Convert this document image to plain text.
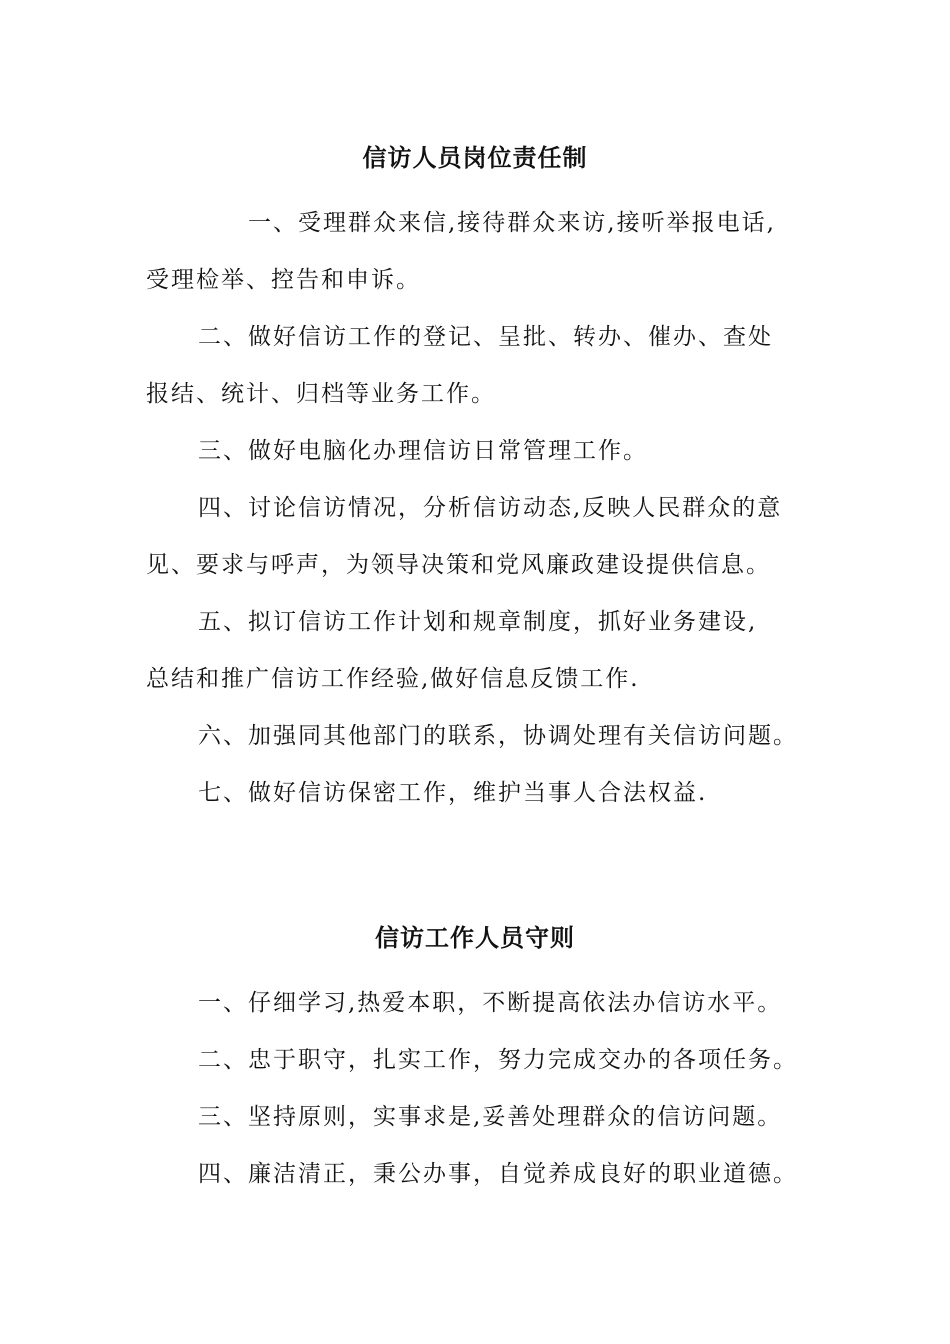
信访人员岗位责任制
一、受理群众来信,接待群众来访,接听举报电话,
受理检举、控告和申诉。
二、做好信访工作的登记、呈批、转办、催办、查处
报结、统计、归档等业务工作。
三、做好电脑化办理信访日常管理工作。
四、讨论信访情况，分析信访动态,反映人民群众的意
见、要求与呼声，为领导决策和党风廉政建设提供信息。
五、拟订信访工作计划和规章制度，抓好业务建设,
总结和推广信访工作经验,做好信息反馈工作.
六、加强同其他部门的联系，协调处理有关信访问题。
七、做好信访保密工作，维护当事人合法权益.
信访工作人员守则
一、仔细学习,热爱本职，不断提高依法办信访水平。
二、忠于职守，扎实工作，努力完成交办的各项任务。
三、坚持原则，实事求是,妥善处理群众的信访问题。
四、廉洁清正，秉公办事，自觉养成良好的职业道德。
